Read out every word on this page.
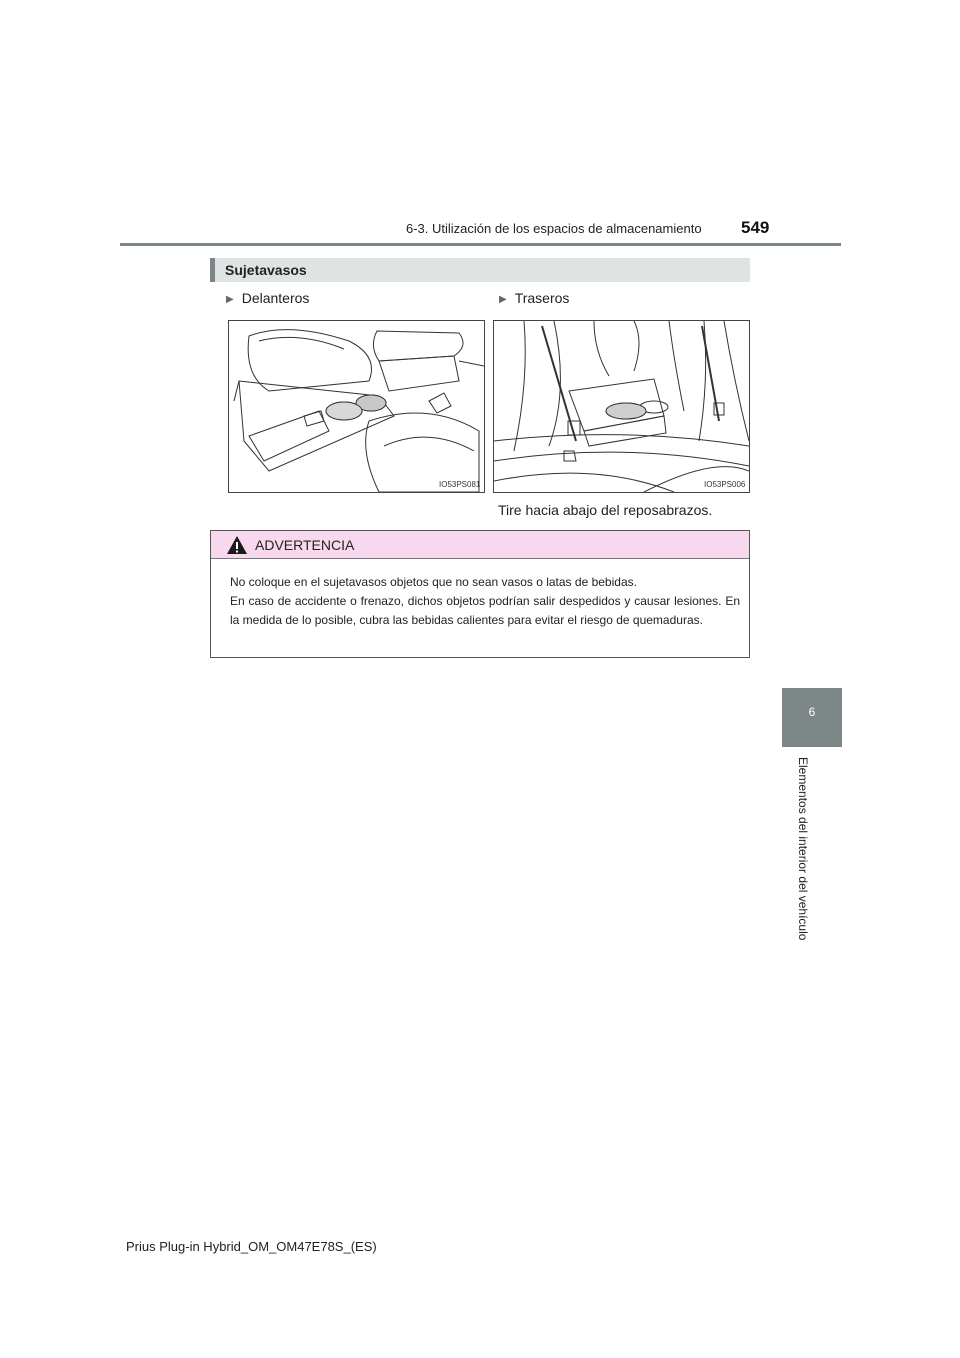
6-3. Utilización de los espacios de almacenamiento 549
6
Elementos del interior del vehículo
Sujetavasos
▶ Delanteros	▶ Traseros
IO53PS081	IO53PS006
Tire hacia abajo del reposabrazos.
ADVERTENCIA

No coloque en el sujetavasos objetos que no sean vasos o latas de bebidas.

En caso de accidente o frenazo, dichos objetos podrían salir despedidos y causar lesiones. En la medida de lo posible, cubra las bebidas calientes para evitar el riesgo de quemaduras.

Prius Plug-in Hybrid_OM_OM47E78S_(ES)
